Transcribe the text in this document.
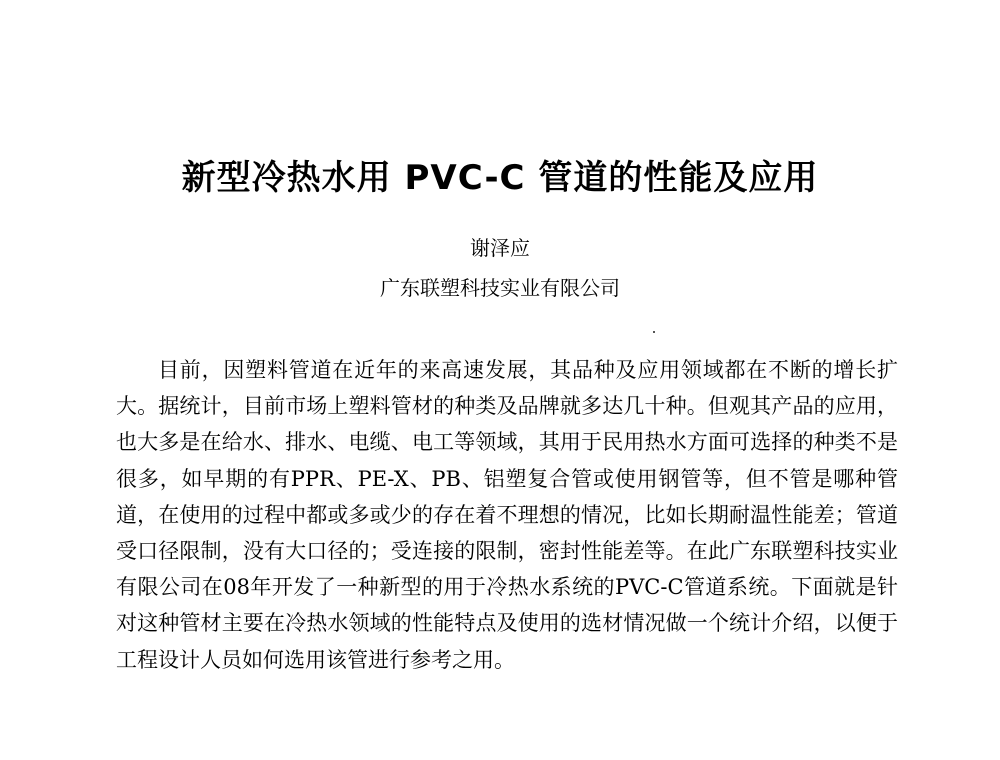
新型冷热水用 PVC-C 管道的性能及应用
谢泽应
广东联塑科技实业有限公司

目前，因塑料管道在近年的来高速发展，其品种及应用领域都在不断的增长扩大。据统计，目前市场上塑料管材的种类及品牌就多达几十种。但观其产品的应用，也大多是在给水、排水、电缆、电工等领域，其用于民用热水方面可选择的种类不是很多，如早期的有PPR、PE-X、PB、铝塑复合管或使用钢管等，但不管是哪种管道，在使用的过程中都或多或少的存在着不理想的情况，比如长期耐温性能差；管道受口径限制，没有大口径的；受连接的限制，密封性能差等。在此广东联塑科技实业有限公司在08年开发了一种新型的用于冷热水系统的PVC-C管道系统。下面就是针对这种管材主要在冷热水领域的性能特点及使用的选材情况做一个统计介绍，以便于工程设计人员如何选用该管进行参考之用。
